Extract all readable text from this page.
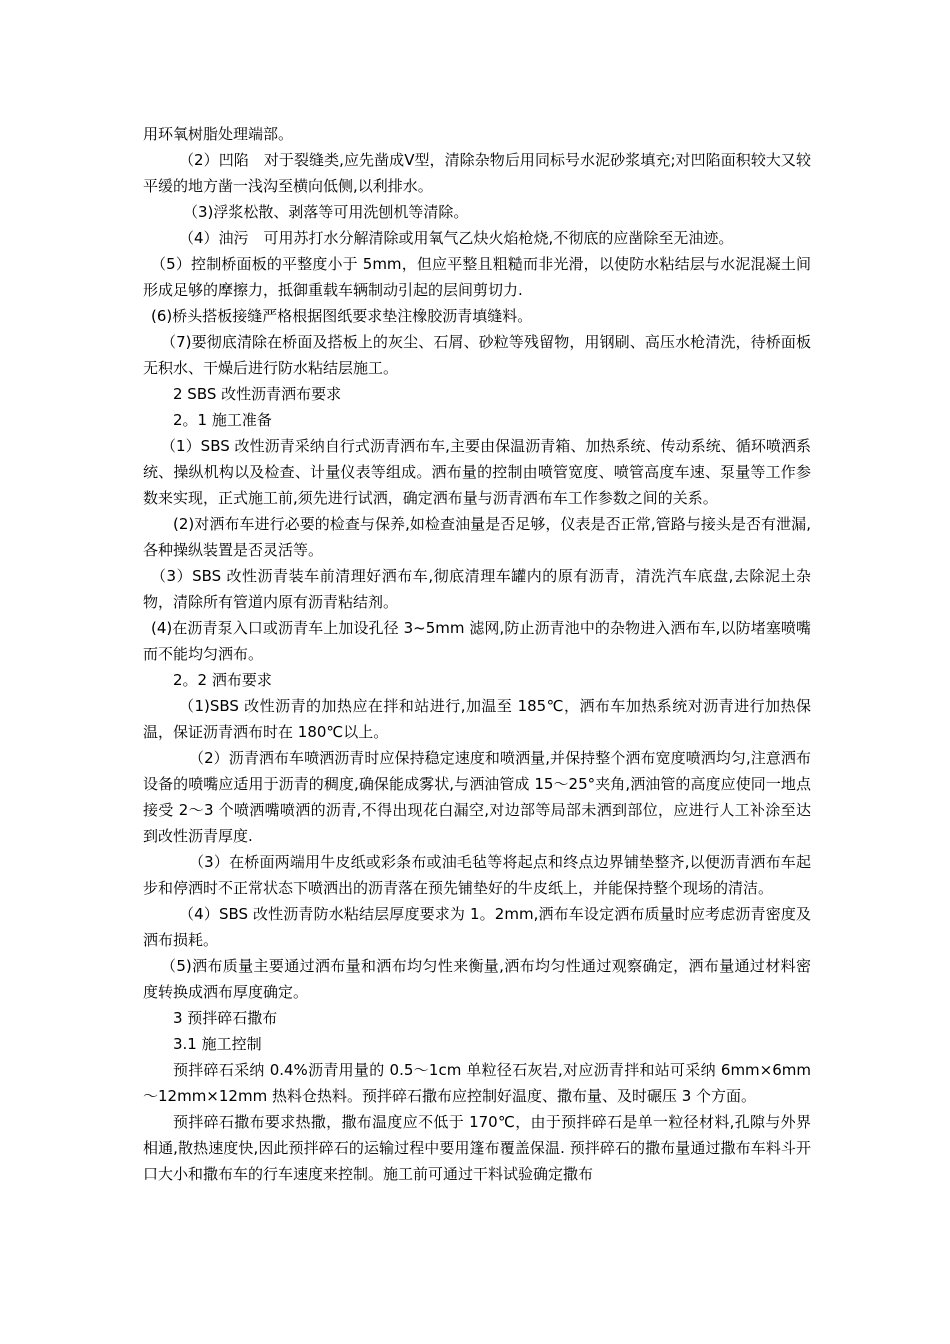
用环氧树脂处理端部。

（2）凹陷　对于裂缝类,应先凿成Ⅴ型，清除杂物后用同标号水泥砂浆填充;对凹陷面积较大又较平缓的地方凿一浅沟至横向低侧,以利排水。

（3)浮浆松散、剥落等可用洗刨机等清除。

（4）油污　可用苏打水分解清除或用氧气乙炔火焰枪烧,不彻底的应凿除至无油迹。

（5）控制桥面板的平整度小于 5mm，但应平整且粗糙而非光滑，以使防水粘结层与水泥混凝土间形成足够的摩擦力，抵御重载车辆制动引起的层间剪切力.

(6)桥头搭板接缝严格根据图纸要求垫注橡胶沥青填缝料。

（7)要彻底清除在桥面及搭板上的灰尘、石屑、砂粒等残留物，用钢刷、高压水枪清洗，待桥面板无积水、干燥后进行防水粘结层施工。

2 SBS 改性沥青洒布要求

2。1 施工准备

（1）SBS 改性沥青采纳自行式沥青洒布车,主要由保温沥青箱、加热系统、传动系统、循环喷洒系统、操纵机构以及检查、计量仪表等组成。洒布量的控制由喷管宽度、喷管高度车速、泵量等工作参数来实现，正式施工前,须先进行试洒，确定洒布量与沥青洒布车工作参数之间的关系。

(2)对洒布车进行必要的检查与保养,如检查油量是否足够，仪表是否正常,管路与接头是否有泄漏,各种操纵装置是否灵活等。

（3）SBS 改性沥青装车前清理好洒布车,彻底清理车罐内的原有沥青，清洗汽车底盘,去除泥土杂物，清除所有管道内原有沥青粘结剂。

(4)在沥青泵入口或沥青车上加设孔径 3~5mm 滤网,防止沥青池中的杂物进入洒布车,以防堵塞喷嘴而不能均匀洒布。

2。2 洒布要求

（1)SBS 改性沥青的加热应在拌和站进行,加温至 185℃，洒布车加热系统对沥青进行加热保温，保证沥青洒布时在 180℃以上。

（2）沥青洒布车喷洒沥青时应保持稳定速度和喷洒量,并保持整个洒布宽度喷洒均匀,注意洒布设备的喷嘴应适用于沥青的稠度,确保能成雾状,与洒油管成 15～25°夹角,洒油管的高度应使同一地点接受 2～3 个喷洒嘴喷洒的沥青,不得出现花白漏空,对边部等局部未洒到部位，应进行人工补涂至达到改性沥青厚度.

（3）在桥面两端用牛皮纸或彩条布或油毛毡等将起点和终点边界铺垫整齐,以便沥青洒布车起步和停洒时不正常状态下喷洒出的沥青落在预先铺垫好的牛皮纸上，并能保持整个现场的清洁。

（4）SBS 改性沥青防水粘结层厚度要求为 1。2mm,洒布车设定洒布质量时应考虑沥青密度及洒布损耗。

（5)洒布质量主要通过洒布量和洒布均匀性来衡量,洒布均匀性通过观察确定，洒布量通过材料密度转换成洒布厚度确定。

3 预拌碎石撒布

3.1 施工控制

预拌碎石采纳 0.4%沥青用量的 0.5～1cm 单粒径石灰岩,对应沥青拌和站可采纳 6mm×6mm～12mm×12mm 热料仓热料。预拌碎石撒布应控制好温度、撒布量、及时碾压 3 个方面。

预拌碎石撒布要求热撒，撒布温度应不低于 170℃，由于预拌碎石是单一粒径材料,孔隙与外界相通,散热速度快,因此预拌碎石的运输过程中要用篷布覆盖保温. 预拌碎石的撒布量通过撒布车料斗开口大小和撒布车的行车速度来控制。施工前可通过干料试验确定撒布
